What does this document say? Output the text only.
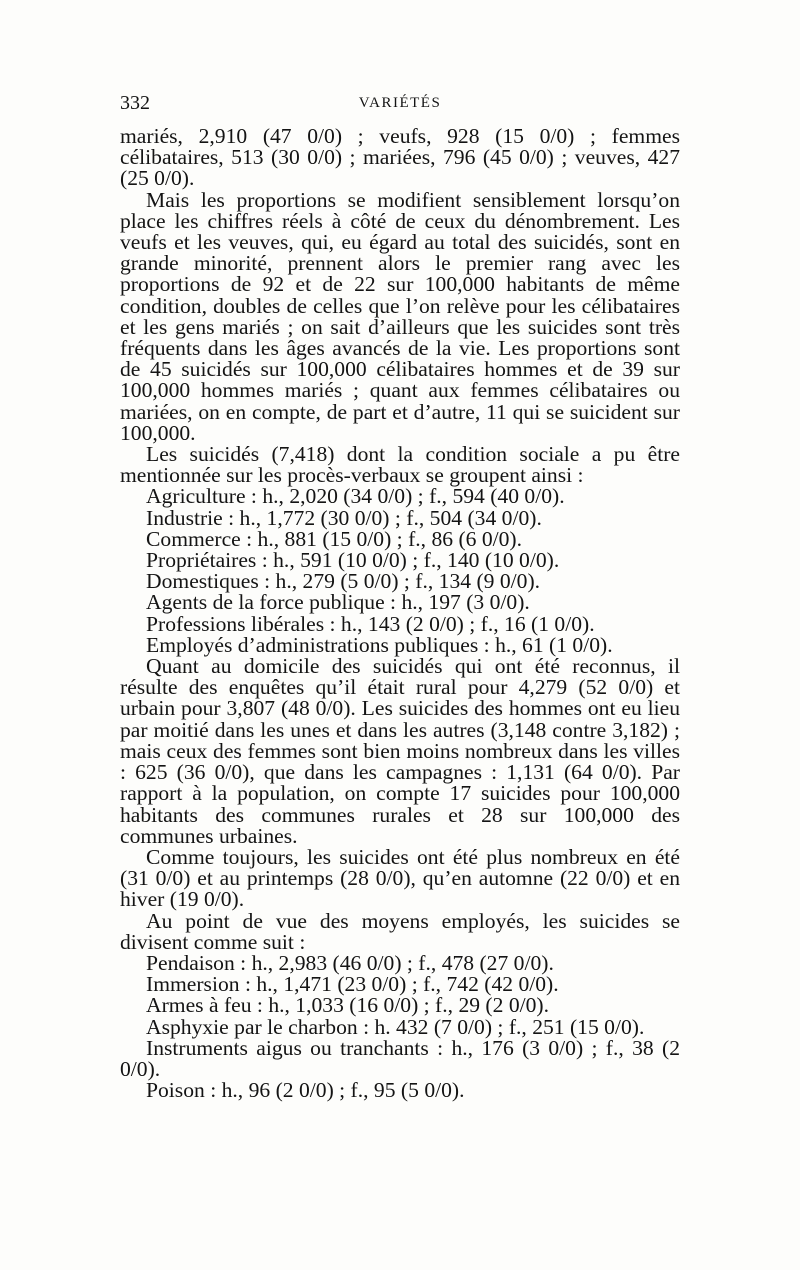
332	VARIÉTÉS

mariés, 2,910 (47 0/0) ; veufs, 928 (15 0/0) ; femmes célibataires, 513 (30 0/0) ; mariées, 796 (45 0/0) ; veuves, 427 (25 0/0).

Mais les proportions se modifient sensiblement lorsqu’on place les chiffres réels à côté de ceux du dénombrement. Les veufs et les veuves, qui, eu égard au total des suicidés, sont en grande minorité, prennent alors le premier rang avec les proportions de 92 et de 22 sur 100,000 habitants de même condition, doubles de celles que l’on relève pour les célibataires et les gens mariés ; on sait d’ailleurs que les suicides sont très fréquents dans les âges avancés de la vie. Les proportions sont de 45 suicidés sur 100,000 célibataires hommes et de 39 sur 100,000 hommes mariés ; quant aux femmes célibataires ou mariées, on en compte, de part et d’autre, 11 qui se suicident sur 100,000.

Les suicidés (7,418) dont la condition sociale a pu être mentionnée sur les procès-verbaux se groupent ainsi :

Agriculture : h., 2,020 (34 0/0) ; f., 594 (40 0/0).

Industrie : h., 1,772 (30 0/0) ; f., 504 (34 0/0).

Commerce : h., 881 (15 0/0) ; f., 86 (6 0/0).

Propriétaires : h., 591 (10 0/0) ; f., 140 (10 0/0).

Domestiques : h., 279 (5 0/0) ; f., 134 (9 0/0).

Agents de la force publique : h., 197 (3 0/0).

Professions libérales : h., 143 (2 0/0) ; f., 16 (1 0/0).

Employés d’administrations publiques : h., 61 (1 0/0).

Quant au domicile des suicidés qui ont été reconnus, il résulte des enquêtes qu’il était rural pour 4,279 (52 0/0) et urbain pour 3,807 (48 0/0). Les suicides des hommes ont eu lieu par moitié dans les unes et dans les autres (3,148 contre 3,182) ; mais ceux des femmes sont bien moins nombreux dans les villes : 625 (36 0/0), que dans les campagnes : 1,131 (64 0/0). Par rapport à la population, on compte 17 suicides pour 100,000 habitants des communes rurales et 28 sur 100,000 des communes urbaines.

Comme toujours, les suicides ont été plus nombreux en été (31 0/0) et au printemps (28 0/0), qu’en automne (22 0/0) et en hiver (19 0/0).

Au point de vue des moyens employés, les suicides se divisent comme suit :

Pendaison : h., 2,983 (46 0/0) ; f., 478 (27 0/0).

Immersion : h., 1,471 (23 0/0) ; f., 742 (42 0/0).

Armes à feu : h., 1,033 (16 0/0) ; f., 29 (2 0/0).

Asphyxie par le charbon : h. 432 (7 0/0) ; f., 251 (15 0/0).

Instruments aigus ou tranchants : h., 176 (3 0/0) ; f., 38 (2 0/0).

Poison : h., 96 (2 0/0) ; f., 95 (5 0/0).
